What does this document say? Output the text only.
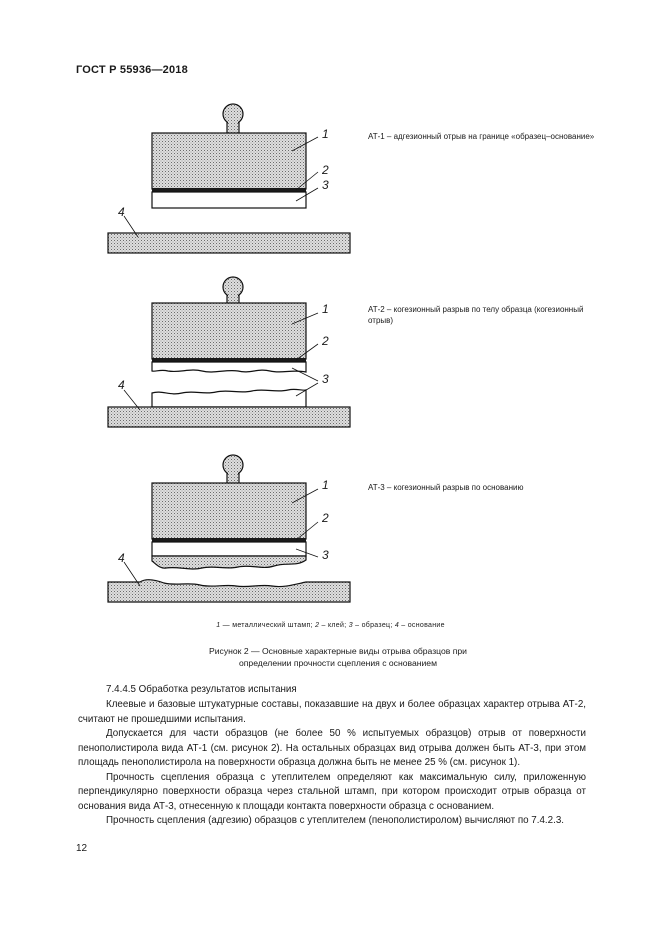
ГОСТ Р 55936—2018
1
2
3
4
1
2
3
4
1
2
3
4
АТ-1 – адгезионный отрыв на границе «образец–основание»
АТ-2 – когезионный разрыв по телу образца (когезионный отрыв)
АТ-3 – когезионный разрыв по основанию
1 — металлический штамп; 2 – клей; 3 – образец; 4 – основание
Рисунок 2 — Основные характерные виды отрыва образцов при определении прочности сцепления с основанием
7.4.4.5 Обработка результатов испытания

Клеевые и базовые штукатурные составы, показавшие на двух и более образцах характер отрыва АТ-2, считают не прошедшими испытания.

Допускается для части образцов (не более 50 % испытуемых образцов) отрыв от поверхности пенополистирола вида АТ-1 (см. рисунок 2). На остальных образцах вид отрыва должен быть АТ-3, при этом площадь пенополистирола на поверхности образца должна быть не менее 25 % (см. рисунок 1).

Прочность сцепления образца с утеплителем определяют как максимальную силу, приложенную перпендикулярно поверхности образца через стальной штамп, при котором происходит отрыв образца от основания вида АТ-3, отнесенную к площади контакта поверхности образца с основанием.

Прочность сцепления (адгезию) образцов с утеплителем (пенополистиролом) вычисляют по 7.4.2.3.

12
